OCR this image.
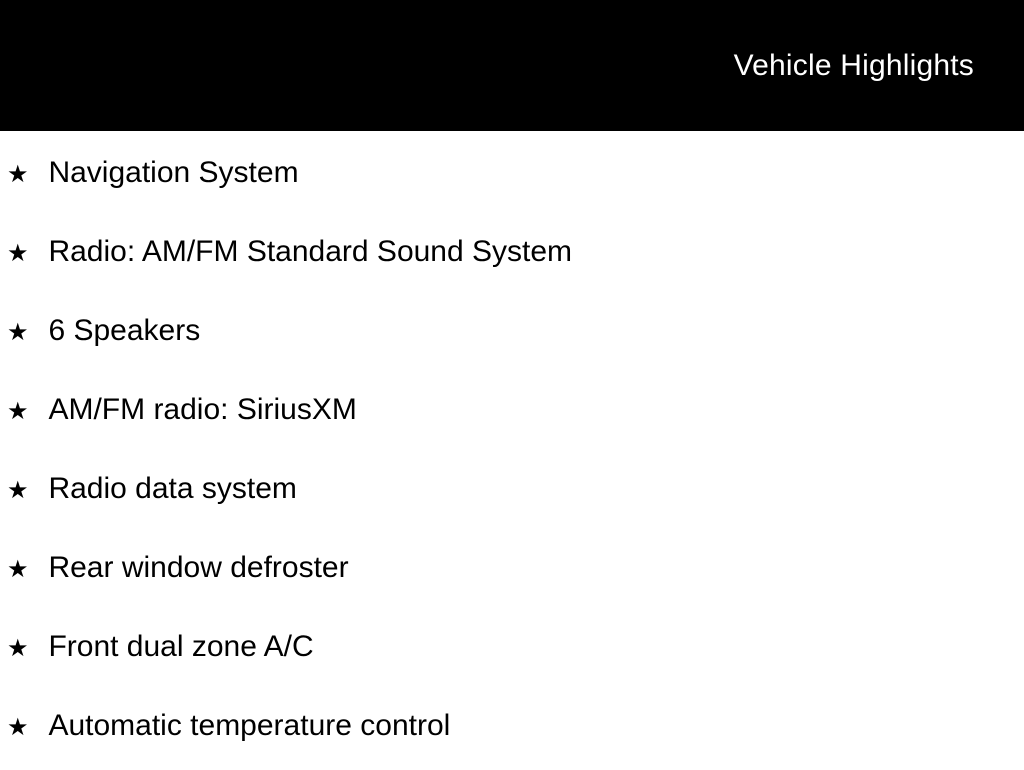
Vehicle Highlights
★ Navigation System
★ Radio: AM/FM Standard Sound System
★ 6 Speakers
★ AM/FM radio: SiriusXM
★ Radio data system
★ Rear window defroster
★ Front dual zone A/C
★ Automatic temperature control
